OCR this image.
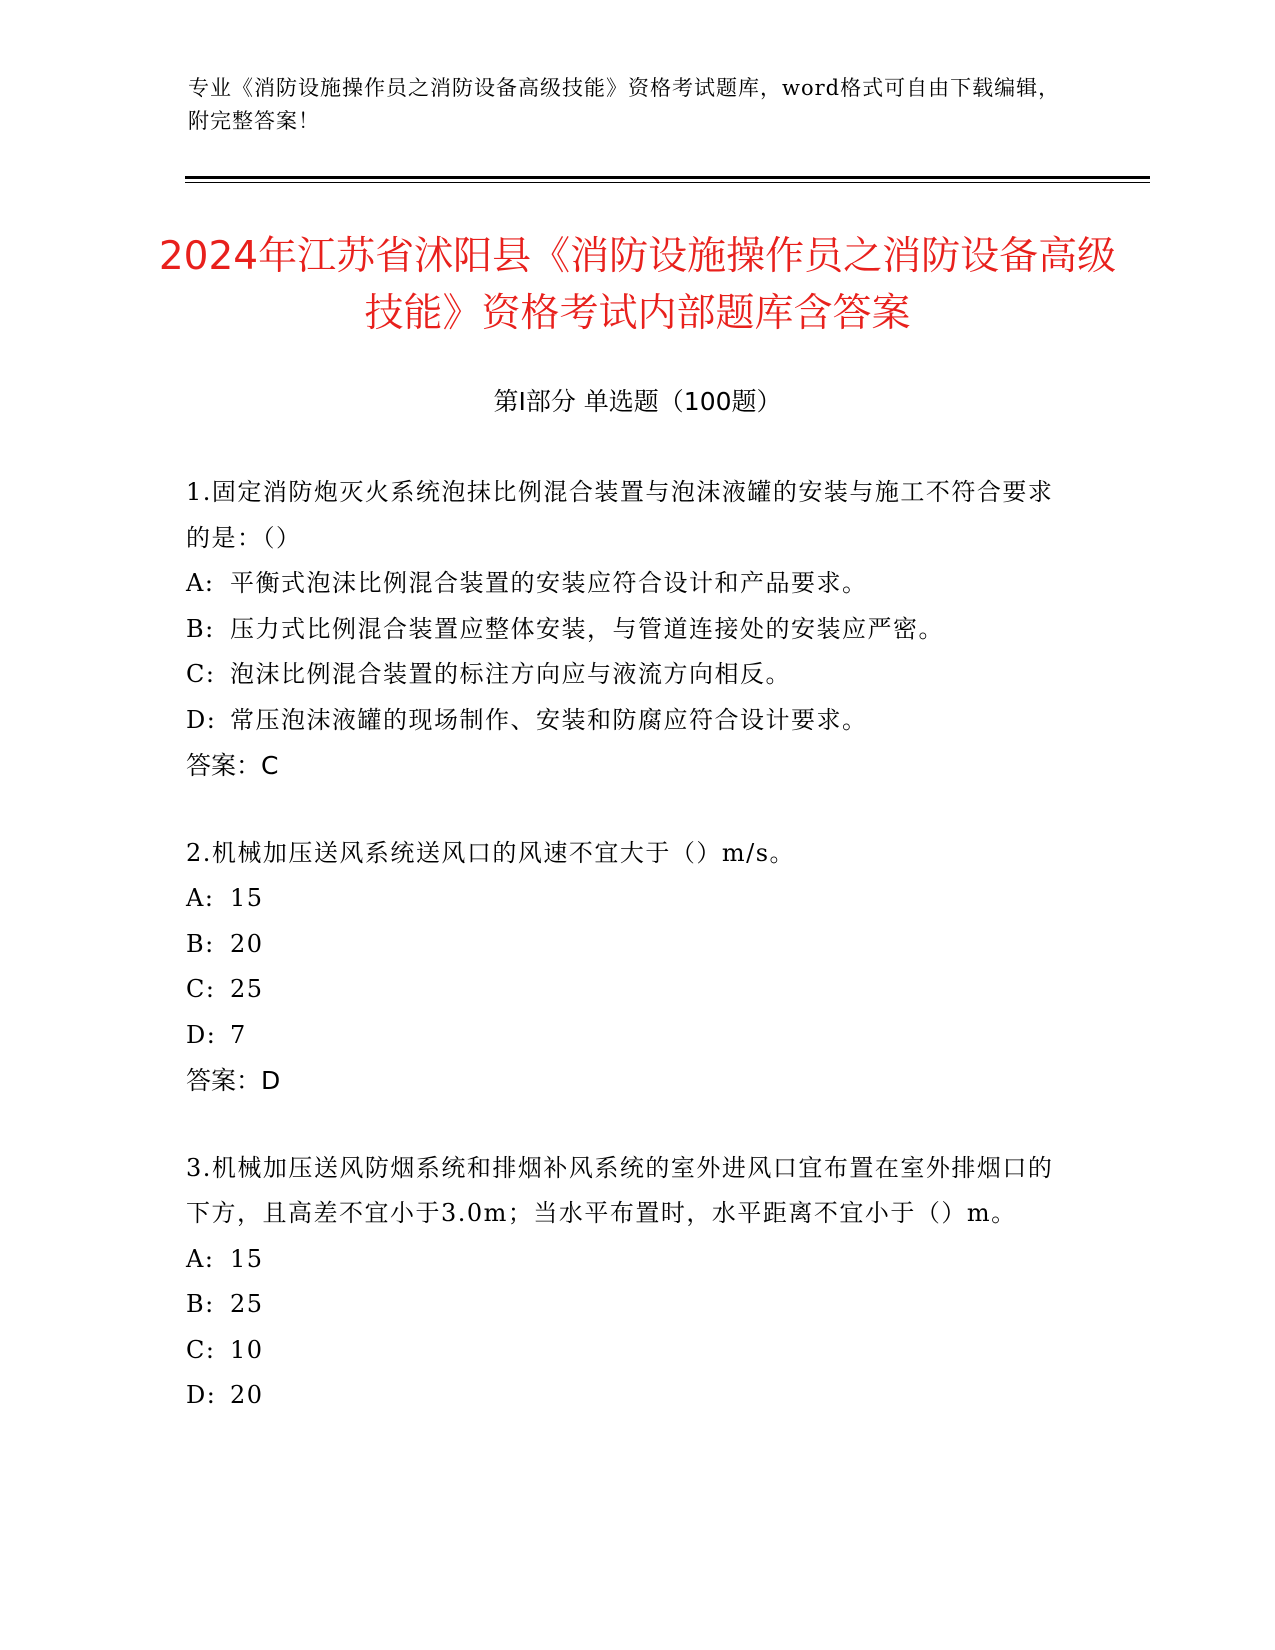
专业《消防设施操作员之消防设备高级技能》资格考试题库，word格式可自由下载编辑，附完整答案！
2024年江苏省沭阳县《消防设施操作员之消防设备高级技能》资格考试内部题库含答案
第I部分 单选题（100题）
1.固定消防炮灭火系统泡抹比例混合装置与泡沫液罐的安装与施工不符合要求的是：（）
A: 平衡式泡沫比例混合装置的安装应符合设计和产品要求。
B: 压力式比例混合装置应整体安装，与管道连接处的安装应严密。
C: 泡沫比例混合装置的标注方向应与液流方向相反。
D: 常压泡沫液罐的现场制作、安装和防腐应符合设计要求。
答案：C
2.机械加压送风系统送风口的风速不宜大于（）m/s。
A: 15
B: 20
C: 25
D: 7
答案：D
3.机械加压送风防烟系统和排烟补风系统的室外进风口宜布置在室外排烟口的下方，且高差不宜小于3.0m；当水平布置时，水平距离不宜小于（）m。
A: 15
B: 25
C: 10
D: 20
